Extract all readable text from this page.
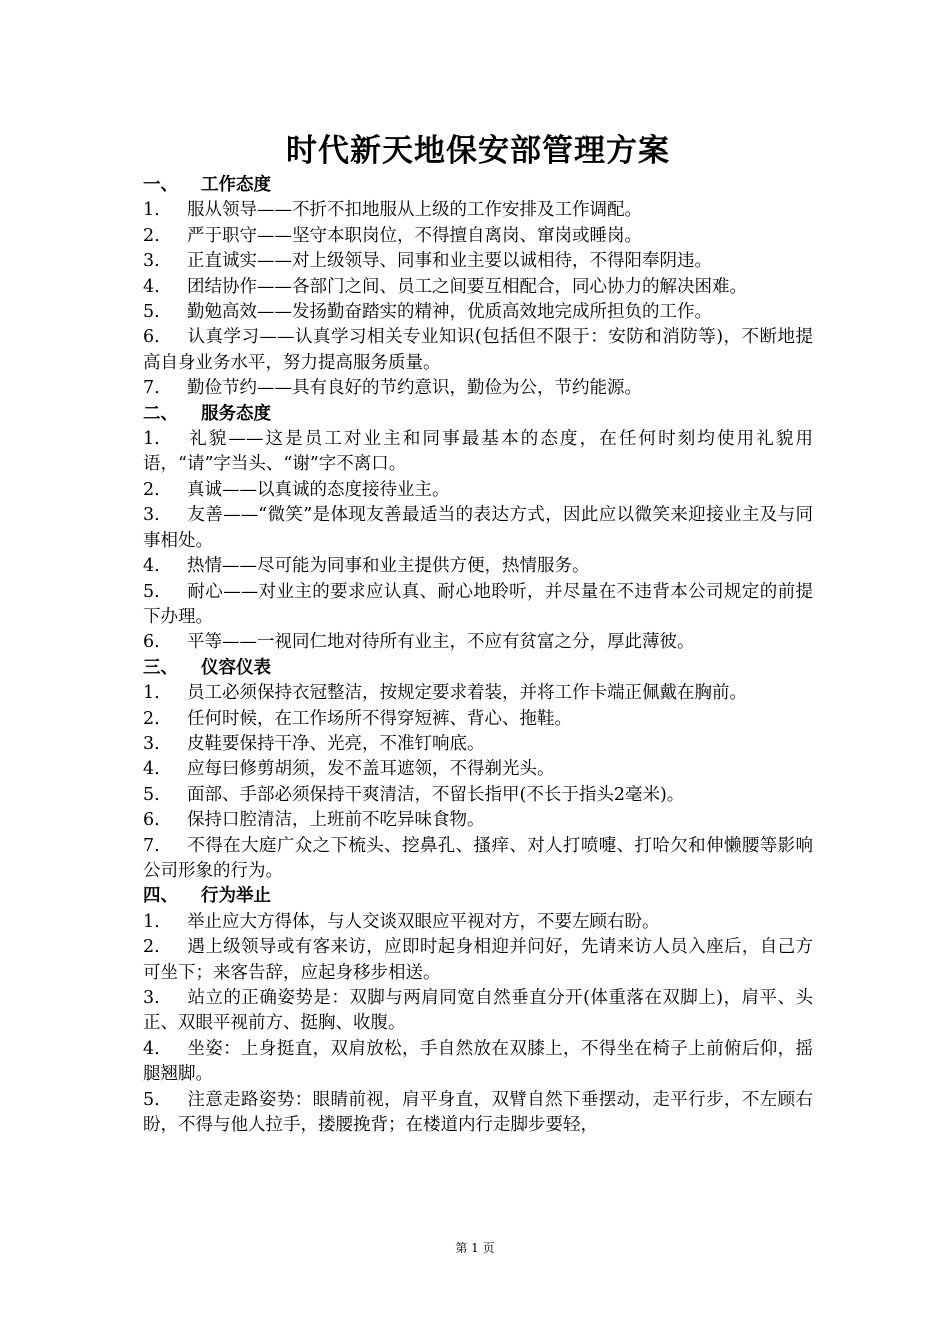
时代新天地保安部管理方案
一、 工作态度
1. 服从领导——不折不扣地服从上级的工作安排及工作调配。
2. 严于职守——坚守本职岗位，不得擅自离岗、窜岗或睡岗。
3. 正直诚实——对上级领导、同事和业主要以诚相待，不得阳奉阴违。
4. 团结协作——各部门之间、员工之间要互相配合，同心协力的解决困难。
5. 勤勉高效——发扬勤奋踏实的精神，优质高效地完成所担负的工作。
6. 认真学习——认真学习相关专业知识(包括但不限于：安防和消防等)，不断地提高自身业务水平，努力提高服务质量。
7. 勤俭节约——具有良好的节约意识，勤俭为公，节约能源。
二、 服务态度
1. 礼貌——这是员工对业主和同事最基本的态度，在任何时刻均使用礼貌用语，“请”字当头、“谢”字不离口。
2. 真诚——以真诚的态度接待业主。
3. 友善——“微笑”是体现友善最适当的表达方式，因此应以微笑来迎接业主及与同事相处。
4. 热情——尽可能为同事和业主提供方便，热情服务。
5. 耐心——对业主的要求应认真、耐心地聆听，并尽量在不违背本公司规定的前提下办理。
6. 平等——一视同仁地对待所有业主，不应有贫富之分，厚此薄彼。
三、 仪容仪表
1. 员工必须保持衣冠整洁，按规定要求着装，并将工作卡端正佩戴在胸前。
2. 任何时候，在工作场所不得穿短裤、背心、拖鞋。
3. 皮鞋要保持干净、光亮，不准钉响底。
4. 应每曰修剪胡须，发不盖耳遮领，不得剃光头。
5. 面部、手部必须保持干爽清洁，不留长指甲(不长于指头2毫米)。
6. 保持口腔清洁，上班前不吃异味食物。
7. 不得在大庭广众之下梳头、挖鼻孔、搔痒、对人打喷嚏、打哈欠和伸懒腰等影响公司形象的行为。
四、 行为举止
1. 举止应大方得体，与人交谈双眼应平视对方，不要左顾右盼。
2. 遇上级领导或有客来访，应即时起身相迎并问好，先请来访人员入座后，自己方可坐下；来客告辞，应起身移步相送。
3. 站立的正确姿势是：双脚与两肩同宽自然垂直分开(体重落在双脚上)，肩平、头正、双眼平视前方、挺胸、收腹。
4. 坐姿：上身挺直，双肩放松，手自然放在双膝上，不得坐在椅子上前俯后仰，摇腿翘脚。
5. 注意走路姿势：眼睛前视，肩平身直，双臂自然下垂摆动，走平行步，不左顾右盼，不得与他人拉手，搂腰挽背；在楼道内行走脚步要轻，
第 1 页
